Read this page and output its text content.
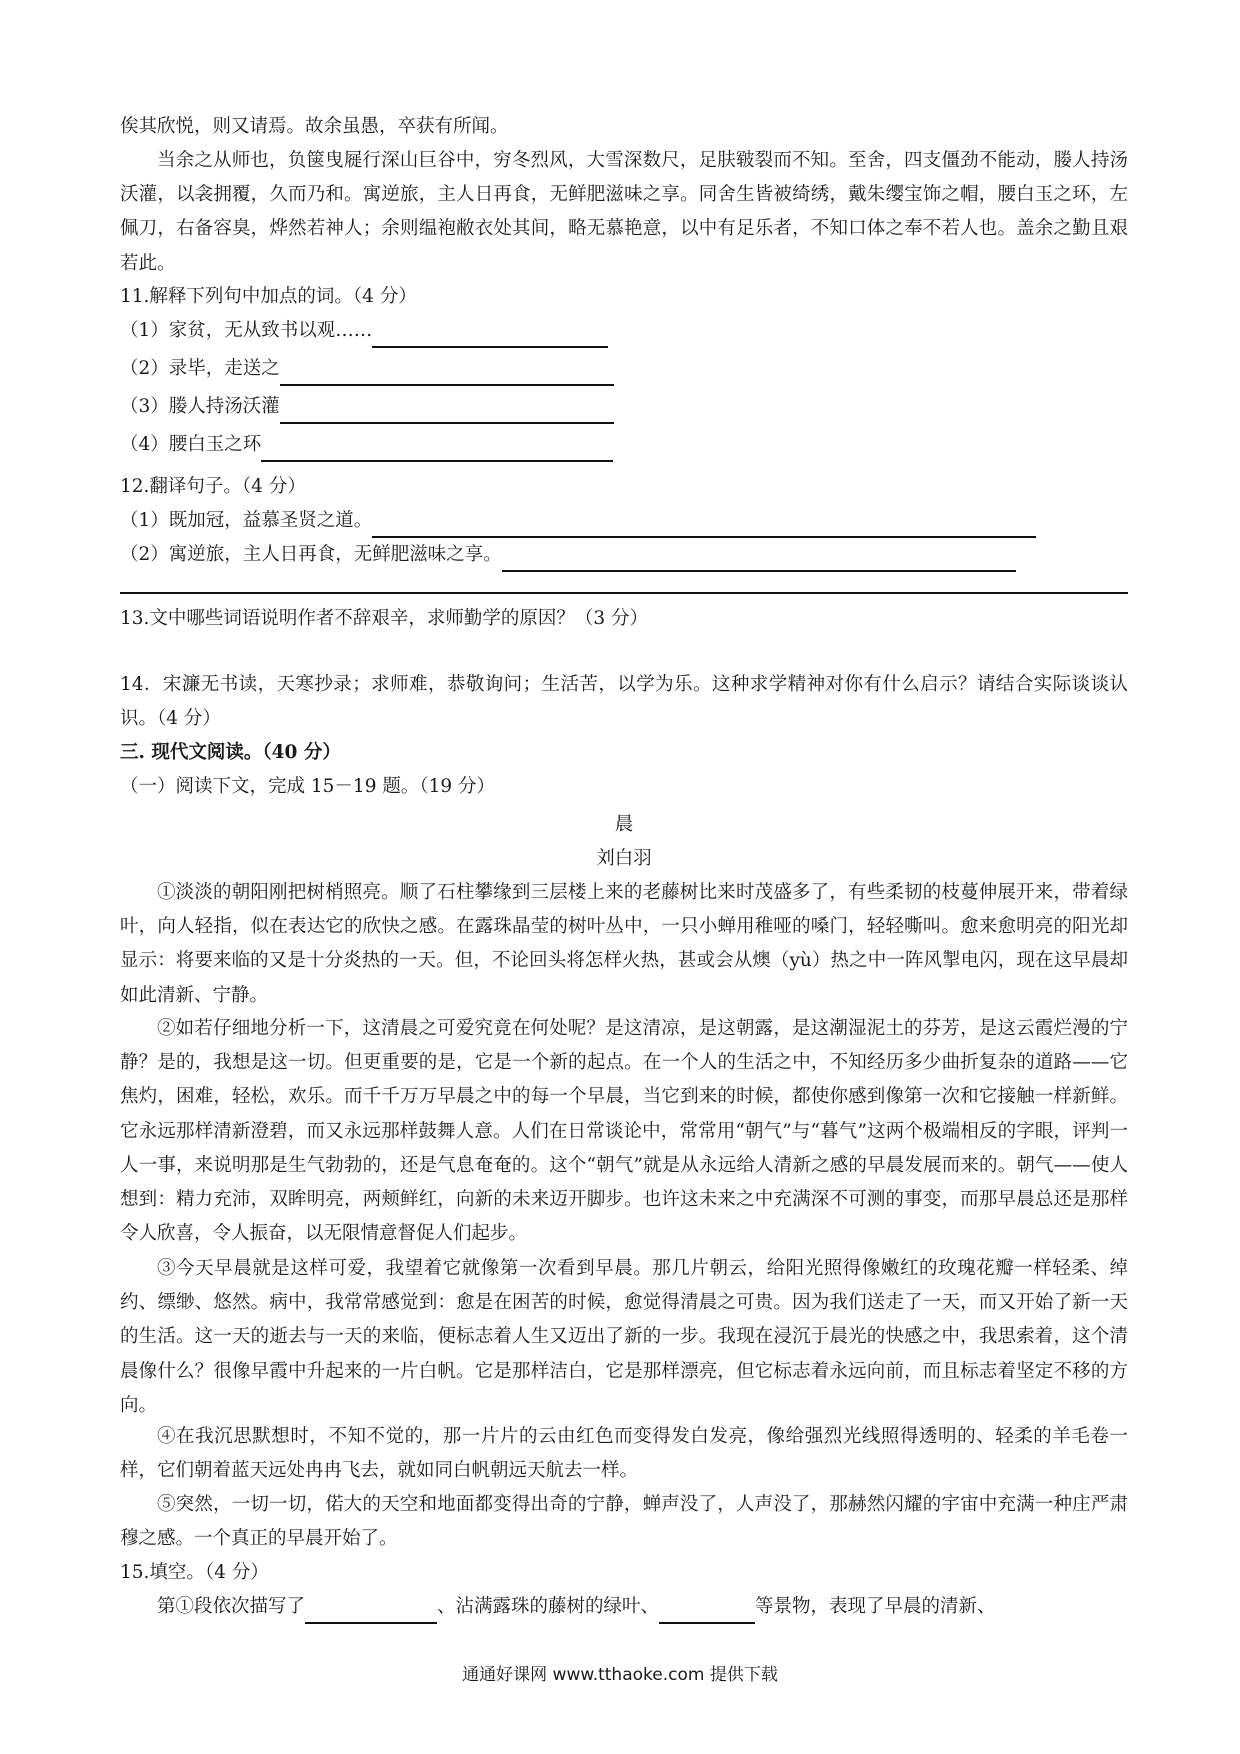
俟其欣悦，则又请焉。故余虽愚，卒获有所闻。
当余之从师也，负箧曳屣行深山巨谷中，穷冬烈风，大雪深数尺，足肤皲裂而不知。至舍，四支僵劲不能动，媵人持汤沃灌，以衾拥覆，久而乃和。寓逆旅，主人日再食，无鲜肥滋味之享。同舍生皆被绮绣，戴朱缨宝饰之帽，腰白玉之环，左佩刀，右备容臭，烨然若神人；余则缊袍敝衣处其间，略无慕艳意，以中有足乐者，不知口体之奉不若人也。盖余之勤且艰若此。
11.解释下列句中加点的词。（4 分）
（1）家贫，无从致书以观……
（2）录毕，走送之
（3）媵人持汤沃灌
（4）腰白玉之环
12.翻译句子。（4 分）
（1）既加冠，益慕圣贤之道。
（2）寓逆旅，主人日再食，无鲜肥滋味之享。
13.文中哪些词语说明作者不辞艰辛，求师勤学的原因？（3 分）
14．宋濂无书读，天寒抄录；求师难，恭敬询问；生活苦，以学为乐。这种求学精神对你有什么启示？请结合实际谈谈认识。（4 分）
三. 现代文阅读。（40 分）
（一）阅读下文，完成 15－19 题。（19 分）
晨
刘白羽
①淡淡的朝阳刚把树梢照亮。顺了石柱攀缘到三层楼上来的老藤树比来时茂盛多了，有些柔韧的枝蔓伸展开来，带着绿叶，向人轻指，似在表达它的欣快之感。在露珠晶莹的树叶丛中，一只小蝉用稚哑的嗓门，轻轻嘶叫。愈来愈明亮的阳光却显示：将要来临的又是十分炎热的一天。但，不论回头将怎样火热，甚或会从燠（yù）热之中一阵风掣电闪，现在这早晨却如此清新、宁静。
②如若仔细地分析一下，这清晨之可爱究竟在何处呢？是这清凉，是这朝露，是这潮湿泥土的芬芳，是这云霞烂漫的宁静？是的，我想是这一切。但更重要的是，它是一个新的起点。在一个人的生活之中，不知经历多少曲折复杂的道路——它焦灼，困难，轻松，欢乐。而千千万万早晨之中的每一个早晨，当它到来的时候，都使你感到像第一次和它接触一样新鲜。它永远那样清新澄碧，而又永远那样鼓舞人意。人们在日常谈论中，常常用“朝气”与“暮气”这两个极端相反的字眼，评判一人一事，来说明那是生气勃勃的，还是气息奄奄的。这个“朝气”就是从永远给人清新之感的早晨发展而来的。朝气——使人想到：精力充沛，双眸明亮，两颊鲜红，向新的未来迈开脚步。也许这未来之中充满深不可测的事变，而那早晨总还是那样令人欣喜，令人振奋，以无限情意督促人们起步。
③今天早晨就是这样可爱，我望着它就像第一次看到早晨。那几片朝云，给阳光照得像嫩红的玫瑰花瓣一样轻柔、绰约、缥缈、悠然。病中，我常常感觉到：愈是在困苦的时候，愈觉得清晨之可贵。因为我们送走了一天，而又开始了新一天的生活。这一天的逝去与一天的来临，便标志着人生又迈出了新的一步。我现在浸沉于晨光的快感之中，我思索着，这个清晨像什么？很像早霞中升起来的一片白帆。它是那样洁白，它是那样漂亮，但它标志着永远向前，而且标志着坚定不移的方向。
④在我沉思默想时，不知不觉的，那一片片的云由红色而变得发白发亮，像给强烈光线照得透明的、轻柔的羊毛卷一样，它们朝着蓝天远处冉冉飞去，就如同白帆朝远天航去一样。
⑤突然，一切一切，偌大的天空和地面都变得出奇的宁静，蝉声没了，人声没了，那赫然闪耀的宇宙中充满一种庄严肃穆之感。一个真正的早晨开始了。
15.填空。（4 分）
第①段依次描写了	、沾满露珠的藤树的绿叶、	等景物，表现了早晨的清新、
通通好课网 www.tthaoke.com 提供下载
